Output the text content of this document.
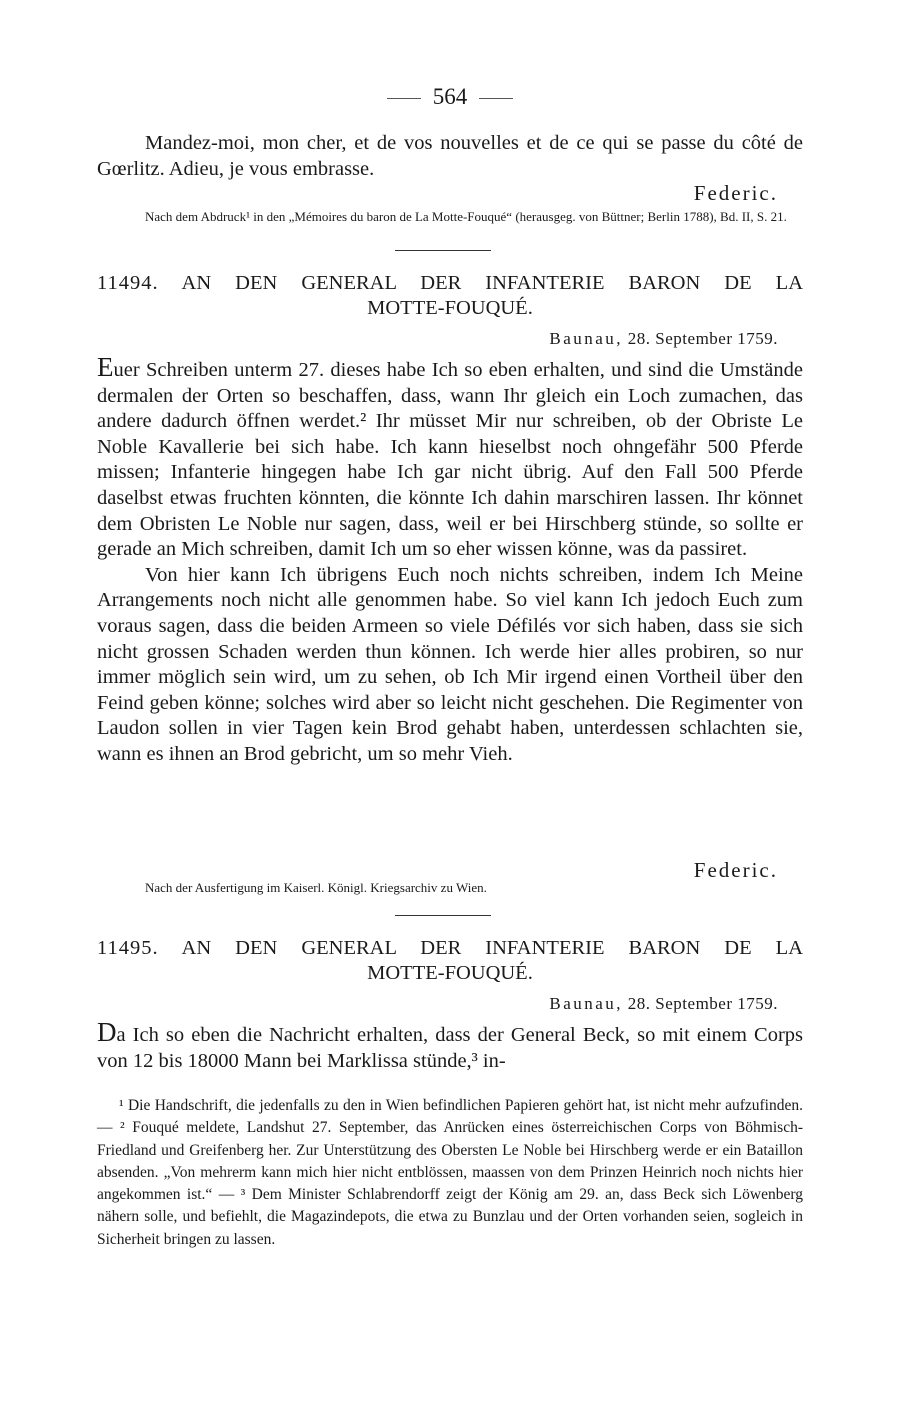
564

Mandez-moi, mon cher, et de vos nouvelles et de ce qui se passe du côté de Gœrlitz. Adieu, je vous embrasse.

Federic.
Nach dem Abdruck¹ in den „Mémoires du baron de La Motte-Fouqué“ (herausgeg. von Büttner; Berlin 1788), Bd. II, S. 21.
11494. AN DEN GENERAL DER INFANTERIE BARON DE LA
MOTTE-FOUQUÉ.
Baunau, 28. September 1759.

Euer Schreiben unterm 27. dieses habe Ich so eben erhalten, und sind die Umstände dermalen der Orten so beschaffen, dass, wann Ihr gleich ein Loch zumachen, das andere dadurch öffnen werdet.² Ihr müsset Mir nur schreiben, ob der Obriste Le Noble Kavallerie bei sich habe. Ich kann hieselbst noch ohngefähr 500 Pferde missen; Infanterie hingegen habe Ich gar nicht übrig. Auf den Fall 500 Pferde daselbst etwas fruchten könnten, die könnte Ich dahin marschiren lassen. Ihr könnet dem Obristen Le Noble nur sagen, dass, weil er bei Hirschberg stünde, so sollte er gerade an Mich schreiben, damit Ich um so eher wissen könne, was da passiret.

Von hier kann Ich übrigens Euch noch nichts schreiben, indem Ich Meine Arrangements noch nicht alle genommen habe. So viel kann Ich jedoch Euch zum voraus sagen, dass die beiden Armeen so viele Défilés vor sich haben, dass sie sich nicht grossen Schaden werden thun können. Ich werde hier alles probiren, so nur immer möglich sein wird, um zu sehen, ob Ich Mir irgend einen Vortheil über den Feind geben könne; solches wird aber so leicht nicht geschehen. Die Regimenter von Laudon sollen in vier Tagen kein Brod gehabt haben, unterdessen schlachten sie, wann es ihnen an Brod gebricht, um so mehr Vieh.

Federic.
Nach der Ausfertigung im Kaiserl. Königl. Kriegsarchiv zu Wien.
11495. AN DEN GENERAL DER INFANTERIE BARON DE LA
MOTTE-FOUQUÉ.
Baunau, 28. September 1759.

Da Ich so eben die Nachricht erhalten, dass der General Beck, so mit einem Corps von 12 bis 18000 Mann bei Marklissa stünde,³ in-

¹ Die Handschrift, die jedenfalls zu den in Wien befindlichen Papieren gehört hat, ist nicht mehr aufzufinden. — ² Fouqué meldete, Landshut 27. September, das Anrücken eines österreichischen Corps von Böhmisch-Friedland und Greifenberg her. Zur Unterstützung des Obersten Le Noble bei Hirschberg werde er ein Bataillon absenden. „Von mehrerm kann mich hier nicht entblössen, maassen von dem Prinzen Heinrich noch nichts hier angekommen ist.“ — ³ Dem Minister Schlabrendorff zeigt der König am 29. an, dass Beck sich Löwenberg nähern solle, und befiehlt, die Magazindepots, die etwa zu Bunzlau und der Orten vorhanden seien, sogleich in Sicherheit bringen zu lassen.
